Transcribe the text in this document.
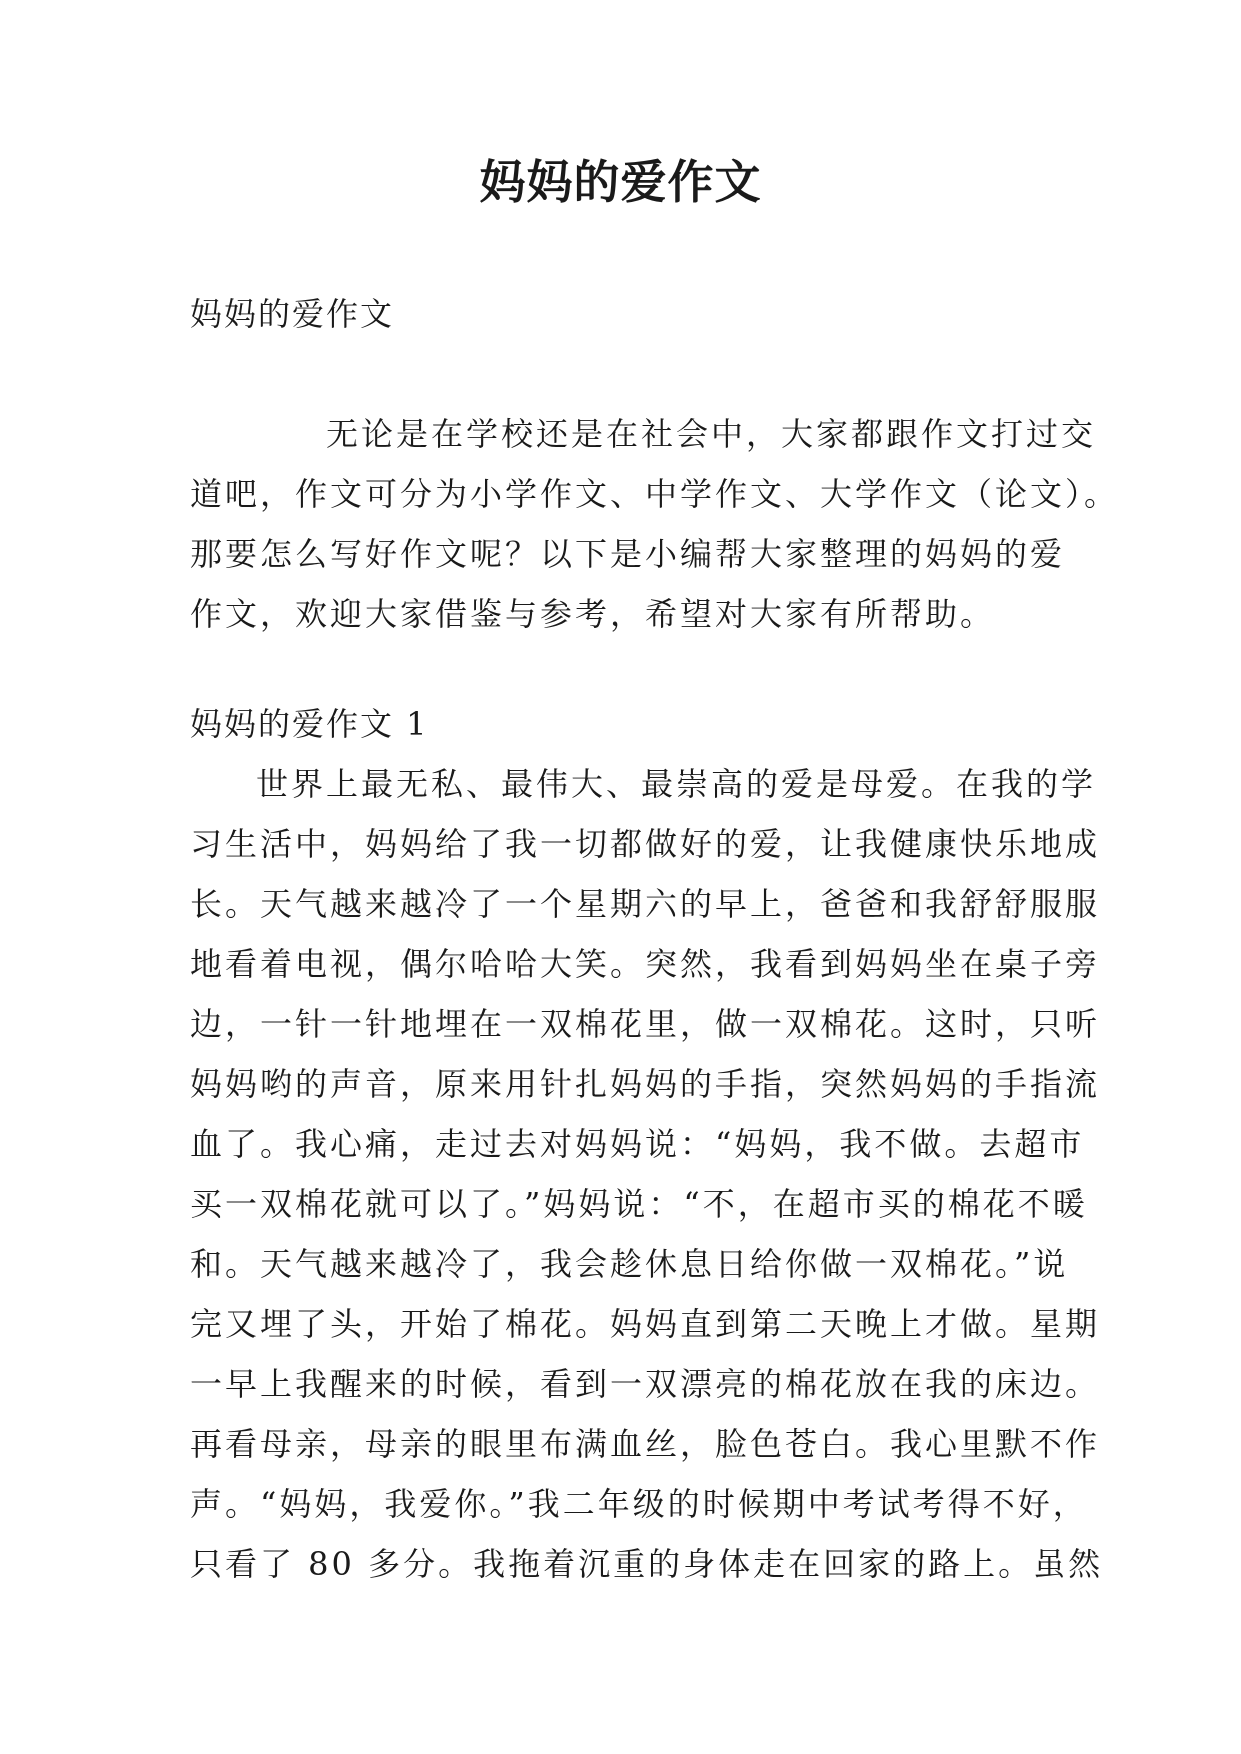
妈妈的爱作文
妈妈的爱作文
无论是在学校还是在社会中，大家都跟作文打过交
道吧，作文可分为小学作文、中学作文、大学作文（论文）。
那要怎么写好作文呢？以下是小编帮大家整理的妈妈的爱
作文，欢迎大家借鉴与参考，希望对大家有所帮助。
妈妈的爱作文 1
世界上最无私、最伟大、最崇高的爱是母爱。在我的学
习生活中，妈妈给了我一切都做好的爱，让我健康快乐地成
长。天气越来越冷了一个星期六的早上，爸爸和我舒舒服服
地看着电视，偶尔哈哈大笑。突然，我看到妈妈坐在桌子旁
边，一针一针地埋在一双棉花里，做一双棉花。这时，只听
妈妈哟的声音，原来用针扎妈妈的手指，突然妈妈的手指流
血了。我心痛，走过去对妈妈说：“妈妈，我不做。去超市
买一双棉花就可以了。”妈妈说：“不，在超市买的棉花不暖
和。天气越来越冷了，我会趁休息日给你做一双棉花。”说
完又埋了头，开始了棉花。妈妈直到第二天晚上才做。星期
一早上我醒来的时候，看到一双漂亮的棉花放在我的床边。
再看母亲，母亲的眼里布满血丝，脸色苍白。我心里默不作
声。“妈妈，我爱你。”我二年级的时候期中考试考得不好，
只看了 80 多分。我拖着沉重的身体走在回家的路上。虽然
